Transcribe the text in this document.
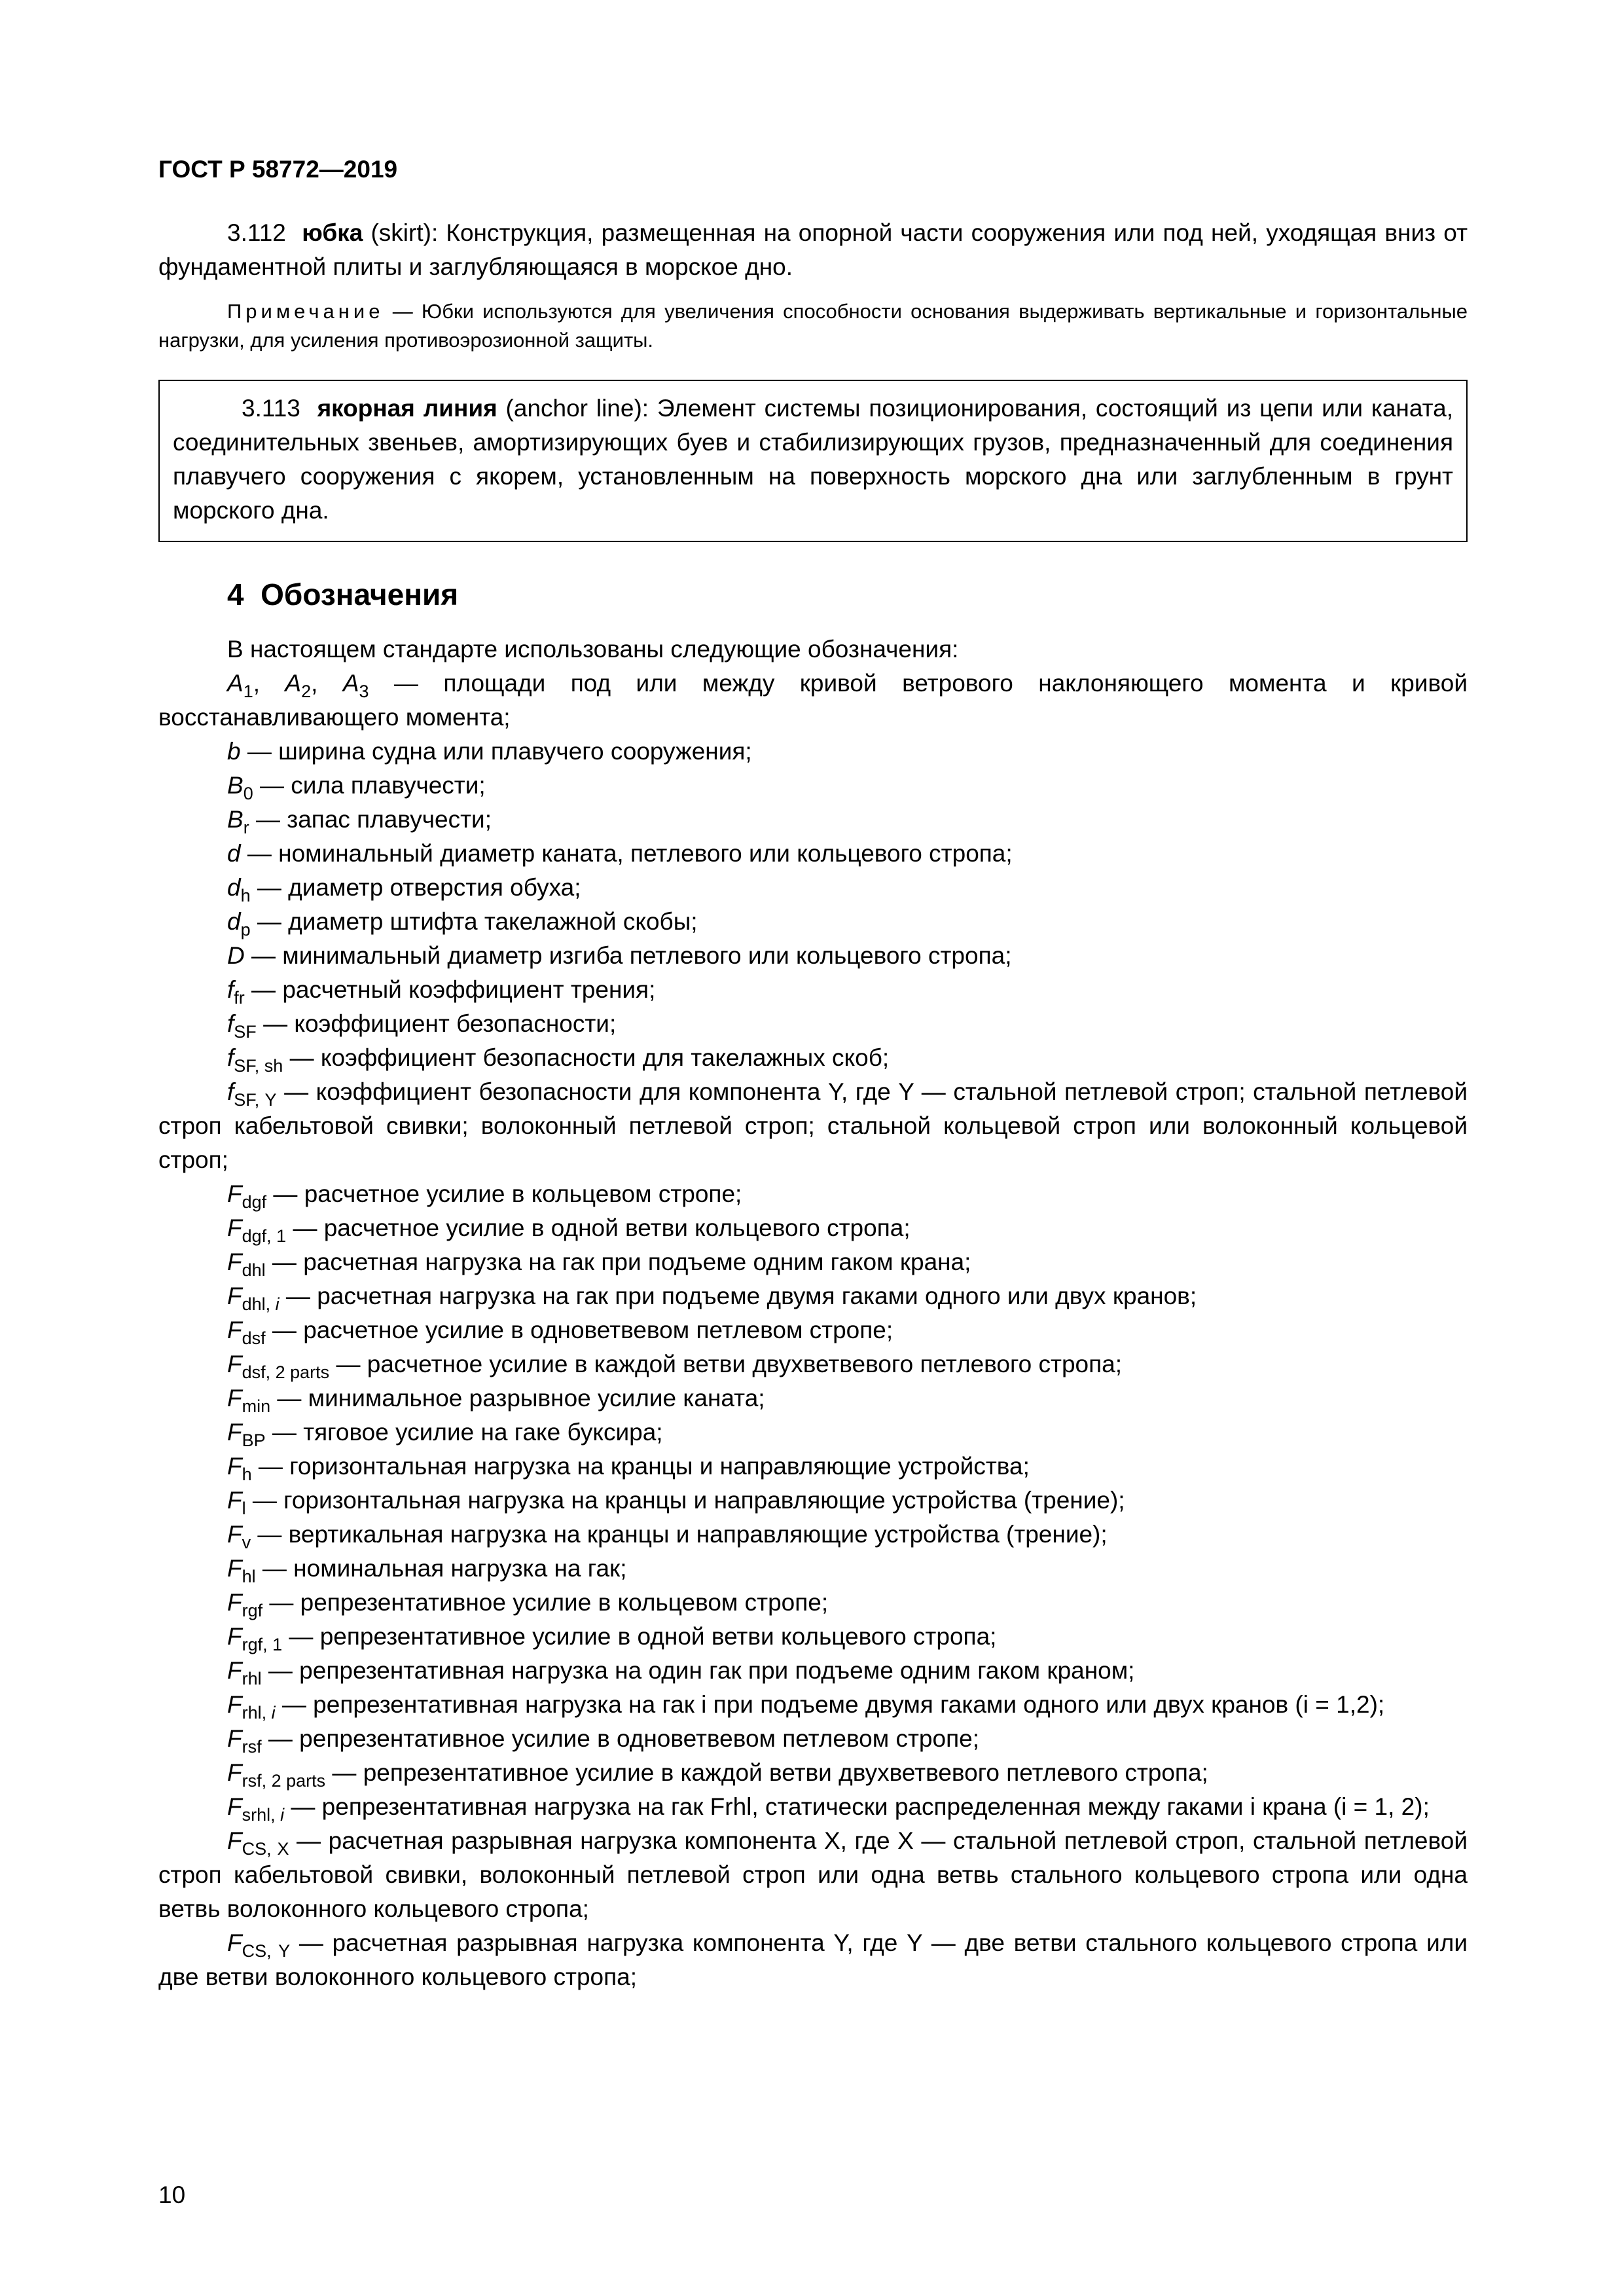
ГОСТ Р 58772—2019

3.112 юбка (skirt): Конструкция, размещенная на опорной части сооружения или под ней, уходящая вниз от фундаментной плиты и заглубляющаяся в морское дно.

Примечание — Юбки используются для увеличения способности основания выдерживать вертикальные и горизонтальные нагрузки, для усиления противоэрозионной защиты.

3.113 якорная линия (anchor line): Элемент системы позиционирования, состоящий из цепи или каната, соединительных звеньев, амортизирующих буев и стабилизирующих грузов, предназначенный для соединения плавучего сооружения с якорем, установленным на поверхность морского дна или заглубленным в грунт морского дна.

4 Обозначения

В настоящем стандарте использованы следующие обозначения:

$A_1$, $A_2$, $A_3$ — площади под или между кривой ветрового наклоняющего момента и кривой восстанавливающего момента;

b — ширина судна или плавучего сооружения;

$B_0$ — сила плавучести;

$B_r$ — запас плавучести;

d — номинальный диаметр каната, петлевого или кольцевого стропа;

$d_h$ — диаметр отверстия обуха;

$d_p$ — диаметр штифта такелажной скобы;

D — минимальный диаметр изгиба петлевого или кольцевого стропа;

$f_{fr}$ — расчетный коэффициент трения;

$f_{SF}$ — коэффициент безопасности;

$f_{SF, sh}$ — коэффициент безопасности для такелажных скоб;

$f_{SF, Y}$ — коэффициент безопасности для компонента Y, где Y — стальной петлевой строп; стальной петлевой строп кабельтовой свивки; волоконный петлевой строп; стальной кольцевой строп или волоконный кольцевой строп;

$F_{dgf}$ — расчетное усилие в кольцевом стропе;

$F_{dgf, 1}$ — расчетное усилие в одной ветви кольцевого стропа;

$F_{dhl}$ — расчетная нагрузка на гак при подъеме одним гаком крана;

$F_{dhl,}$ $_i$ — расчетная нагрузка на гак при подъеме двумя гаками одного или двух кранов;

$F_{dsf}$ — расчетное усилие в одноветвевом петлевом стропе;

$F_{dsf, 2 parts}$ — расчетное усилие в каждой ветви двухветвевого петлевого стропа;

$F_{min}$ — минимальное разрывное усилие каната;

$F_{BP}$ — тяговое усилие на гаке буксира;

$F_h$ — горизонтальная нагрузка на кранцы и направляющие устройства;

$F_l$ — горизонтальная нагрузка на кранцы и направляющие устройства (трение);

$F_v$ — вертикальная нагрузка на кранцы и направляющие устройства (трение);

$F_{hl}$ — номинальная нагрузка на гак;

$F_{rgf}$ — репрезентативное усилие в кольцевом стропе;

$F_{rgf, 1}$ — репрезентативное усилие в одной ветви кольцевого стропа;

$F_{rhl}$ — репрезентативная нагрузка на один гак при подъеме одним гаком краном;

$F_{rhl,}$ $_i$ — репрезентативная нагрузка на гак i при подъеме двумя гаками одного или двух кранов (i = 1,2);

$F_{rsf}$ — репрезентативное усилие в одноветвевом петлевом стропе;

$F_{rsf, 2 parts}$ — репрезентативное усилие в каждой ветви двухветвевого петлевого стропа;

$F_{srhl,}$ $_i$ — репрезентативная нагрузка на гак Frhl, статически распределенная между гаками i крана (i = 1, 2);

$F_{CS, X}$ — расчетная разрывная нагрузка компонента X, где X — стальной петлевой строп, стальной петлевой строп кабельтовой свивки, волоконный петлевой строп или одна ветвь стального кольцевого стропа или одна ветвь волоконного кольцевого стропа;

$F_{CS, Y}$ — расчетная разрывная нагрузка компонента Y, где Y — две ветви стального кольцевого стропа или две ветви волоконного кольцевого стропа;

10
